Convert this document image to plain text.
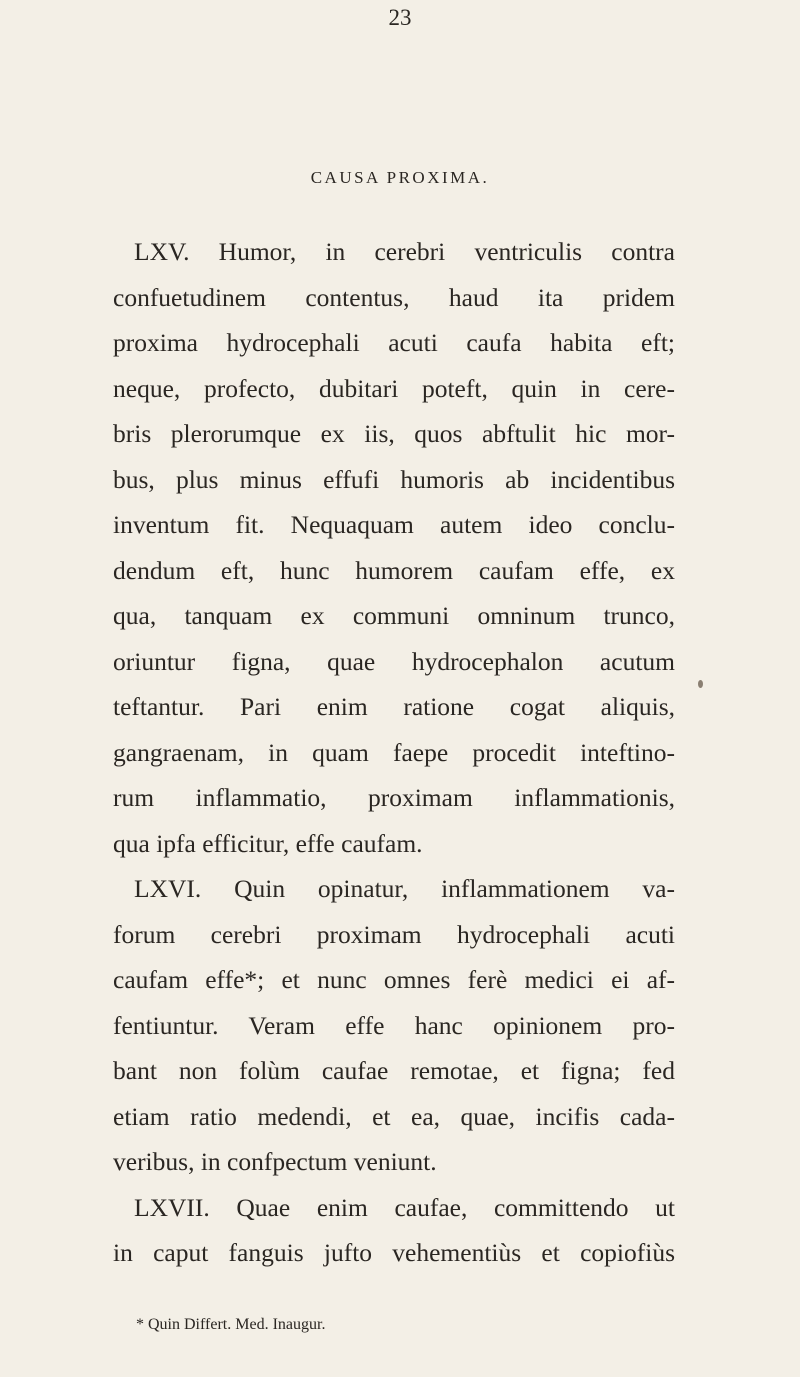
23
CAUSA PROXIMA.
LXV. Humor, in cerebri ventriculis contra
confuetudinem contentus, haud ita pridem
proxima hydrocephali acuti caufa habita eft;
neque, profecto, dubitari poteft, quin in cere-
bris plerorumque ex iis, quos abftulit hic mor-
bus, plus minus effufi humoris ab incidentibus
inventum fit. Nequaquam autem ideo conclu-
dendum eft, hunc humorem caufam effe, ex
qua, tanquam ex communi omninum trunco,
oriuntur figna, quae hydrocephalon acutum
teftantur. Pari enim ratione cogat aliquis,
gangraenam, in quam faepe procedit inteftino-
rum inflammatio, proximam inflammationis,
qua ipfa efficitur, effe caufam.
LXVI. Quin opinatur, inflammationem va-
forum cerebri proximam hydrocephali acuti
caufam effe*; et nunc omnes ferè medici ei af-
fentiuntur. Veram effe hanc opinionem pro-
bant non folùm caufae remotae, et figna; fed
etiam ratio medendi, et ea, quae, incifis cada-
veribus, in confpectum veniunt.
LXVII. Quae enim caufae, committendo ut
in caput fanguis jufto vehementiùs et copiofiùs
* Quin Differt. Med. Inaugur.
